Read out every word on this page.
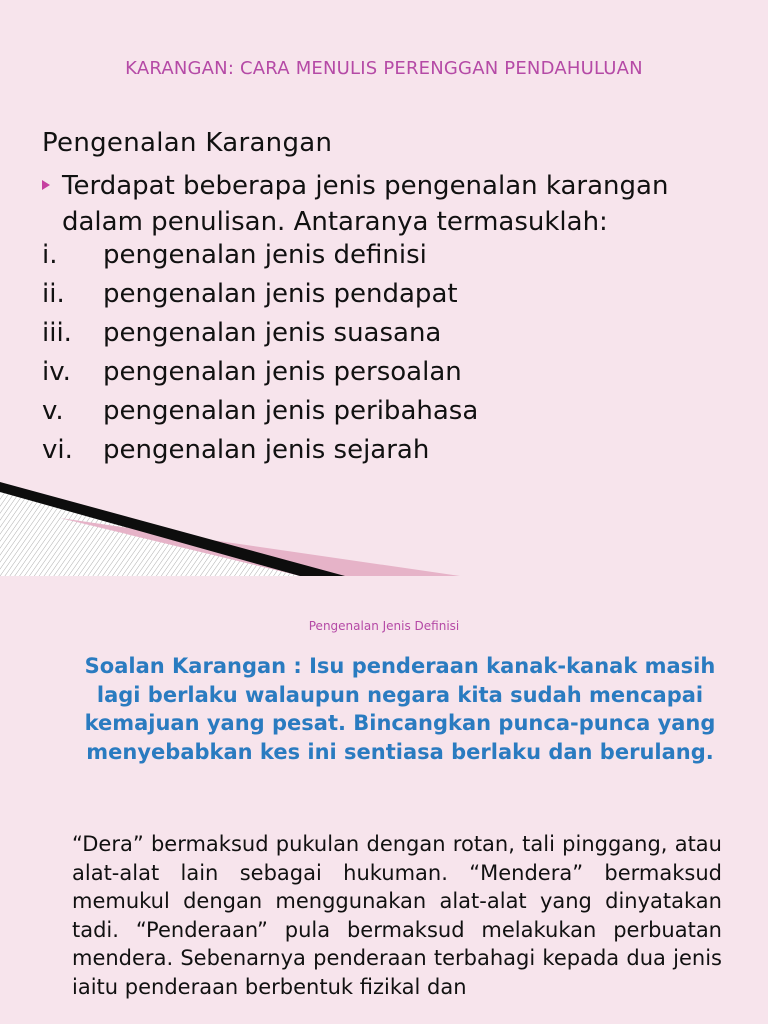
KARANGAN: CARA MENULIS PERENGGAN PENDAHULUAN
Pengenalan Karangan
Terdapat beberapa jenis pengenalan karangan dalam penulisan. Antaranya termasuklah:
i. pengenalan jenis definisi
ii. pengenalan jenis pendapat
iii. pengenalan jenis suasana
iv. pengenalan jenis persoalan
v. pengenalan jenis peribahasa
vi. pengenalan jenis sejarah
Pengenalan Jenis Definisi
Soalan Karangan : Isu penderaan kanak-kanak masih lagi berlaku walaupun negara kita sudah mencapai kemajuan yang pesat. Bincangkan punca-punca yang menyebabkan kes ini sentiasa berlaku dan berulang.
“Dera” bermaksud pukulan dengan rotan, tali pinggang, atau alat-alat lain sebagai hukuman. “Mendera” bermaksud memukul dengan menggunakan alat-alat yang dinyatakan tadi. “Penderaan” pula bermaksud melakukan perbuatan mendera. Sebenarnya penderaan terbahagi kepada dua jenis iaitu penderaan berbentuk fizikal dan
